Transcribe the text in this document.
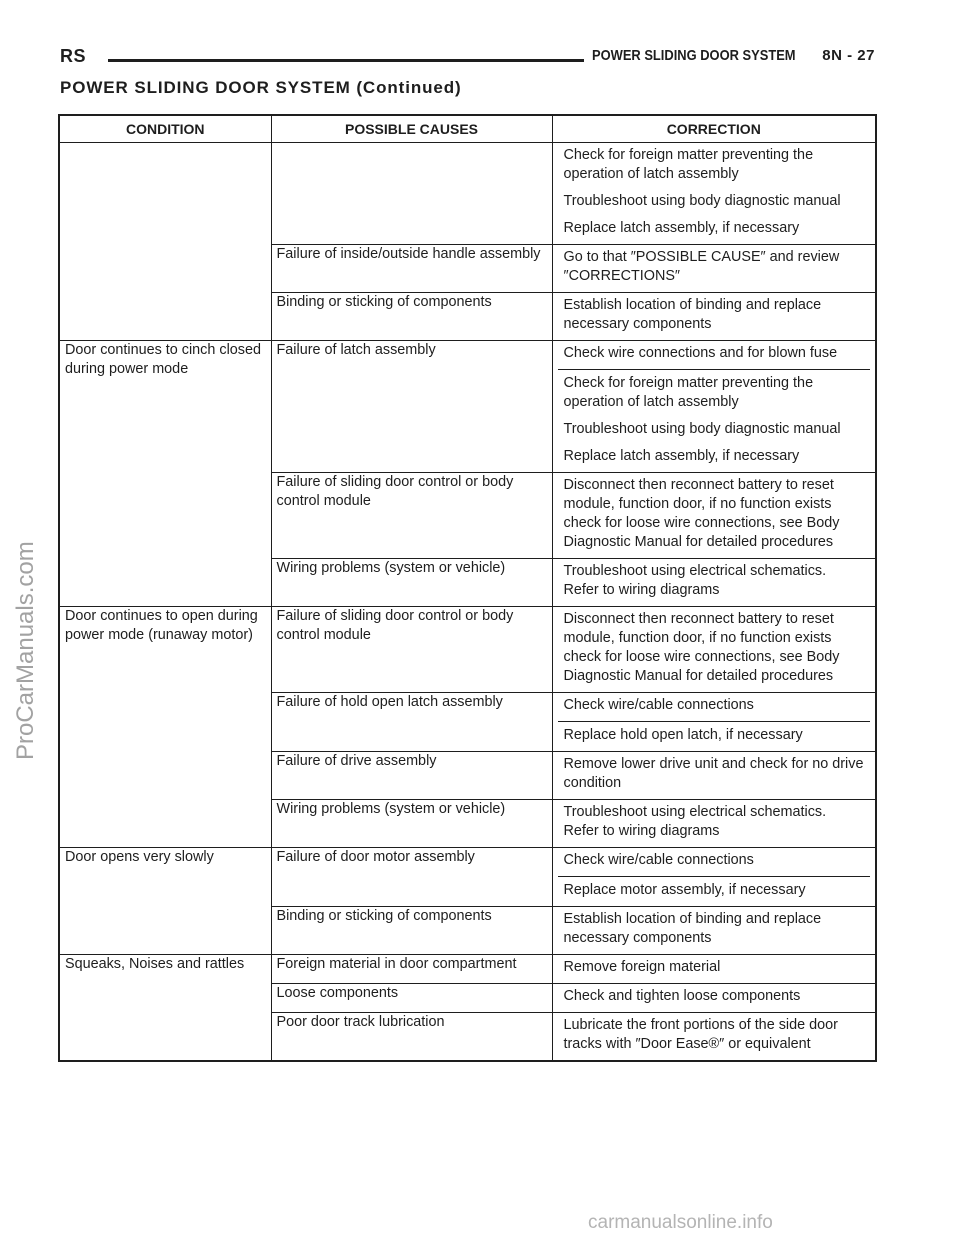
RS	POWER SLIDING DOOR SYSTEM 8N - 27
POWER SLIDING DOOR SYSTEM (Continued)
CONDITION	POSSIBLE CAUSES	CORRECTION

		Check for foreign matter preventing the operation of latch assembly
Troubleshoot using body diagnostic manual
Replace latch assembly, if necessary

	Failure of inside/outside handle assembly	Go to that ″POSSIBLE CAUSE″ and review ″CORRECTIONS″

	Binding or sticking of components	Establish location of binding and replace necessary components

Door continues to cinch closed during power mode	Failure of latch assembly	Check wire connections and for blown fuse
Check for foreign matter preventing the operation of latch assembly
Troubleshoot using body diagnostic manual
Replace latch assembly, if necessary

	Failure of sliding door control or body control module	Disconnect then reconnect battery to reset module, function door, if no function exists check for loose wire connections, see Body Diagnostic Manual for detailed procedures

	Wiring problems (system or vehicle)	Troubleshoot using electrical schematics. Refer to wiring diagrams

Door continues to open during power mode (runaway motor)	Failure of sliding door control or body control module	Disconnect then reconnect battery to reset module, function door, if no function exists check for loose wire connections, see Body Diagnostic Manual for detailed procedures

	Failure of hold open latch assembly	Check wire/cable connections
Replace hold open latch, if necessary

	Failure of drive assembly	Remove lower drive unit and check for no drive condition

	Wiring problems (system or vehicle)	Troubleshoot using electrical schematics. Refer to wiring diagrams

Door opens very slowly	Failure of door motor assembly	Check wire/cable connections
Replace motor assembly, if necessary

	Binding or sticking of components	Establish location of binding and replace necessary components

Squeaks, Noises and rattles	Foreign material in door compartment	Remove foreign material

	Loose components	Check and tighten loose components

	Poor door track lubrication	Lubricate the front portions of the side door tracks with ″Door Ease®″ or equivalent
ProCarManuals.com
carmanualsonline.info
